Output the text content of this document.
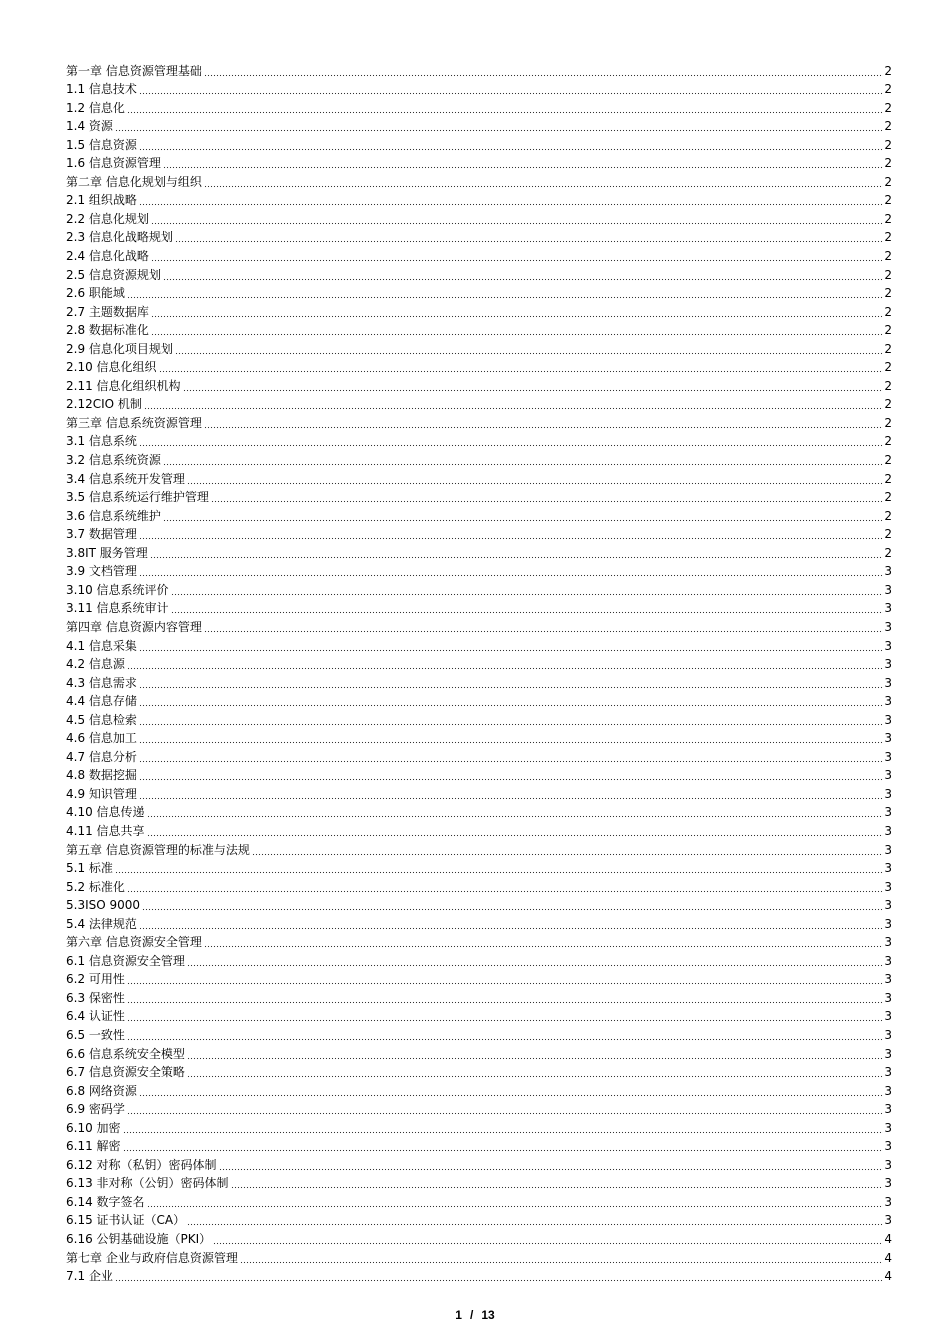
第一章 信息资源管理基础	2
1.1 信息技术	2
1.2 信息化	2
1.4 资源	2
1.5 信息资源	2
1.6 信息资源管理	2
第二章 信息化规划与组织	2
2.1 组织战略	2
2.2 信息化规划	2
2.3 信息化战略规划	2
2.4 信息化战略	2
2.5 信息资源规划	2
2.6 职能域	2
2.7 主题数据库	2
2.8 数据标准化	2
2.9 信息化项目规划	2
2.10 信息化组织	2
2.11 信息化组织机构	2
2.12CIO 机制	2
第三章 信息系统资源管理	2
3.1 信息系统	2
3.2 信息系统资源	2
3.4 信息系统开发管理	2
3.5 信息系统运行维护管理	2
3.6 信息系统维护	2
3.7 数据管理	2
3.8IT 服务管理	2
3.9 文档管理	3
3.10 信息系统评价	3
3.11 信息系统审计	3
第四章 信息资源内容管理	3
4.1 信息采集	3
4.2 信息源	3
4.3 信息需求	3
4.4 信息存储	3
4.5 信息检索	3
4.6 信息加工	3
4.7 信息分析	3
4.8 数据挖掘	3
4.9 知识管理	3
4.10 信息传递	3
4.11 信息共享	3
第五章 信息资源管理的标准与法规	3
5.1 标准	3
5.2 标准化	3
5.3ISO 9000	3
5.4 法律规范	3
第六章 信息资源安全管理	3
6.1 信息资源安全管理	3
6.2 可用性	3
6.3 保密性	3
6.4 认证性	3
6.5 一致性	3
6.6 信息系统安全模型	3
6.7 信息资源安全策略	3
6.8 网络资源	3
6.9 密码学	3
6.10 加密	3
6.11 解密	3
6.12 对称（私钥）密码体制	3
6.13 非对称（公钥）密码体制	3
6.14 数字签名	3
6.15 证书认证（CA）	3
6.16 公钥基础设施（PKI）	4
第七章 企业与政府信息资源管理	4
7.1 企业	4
1 / 13
